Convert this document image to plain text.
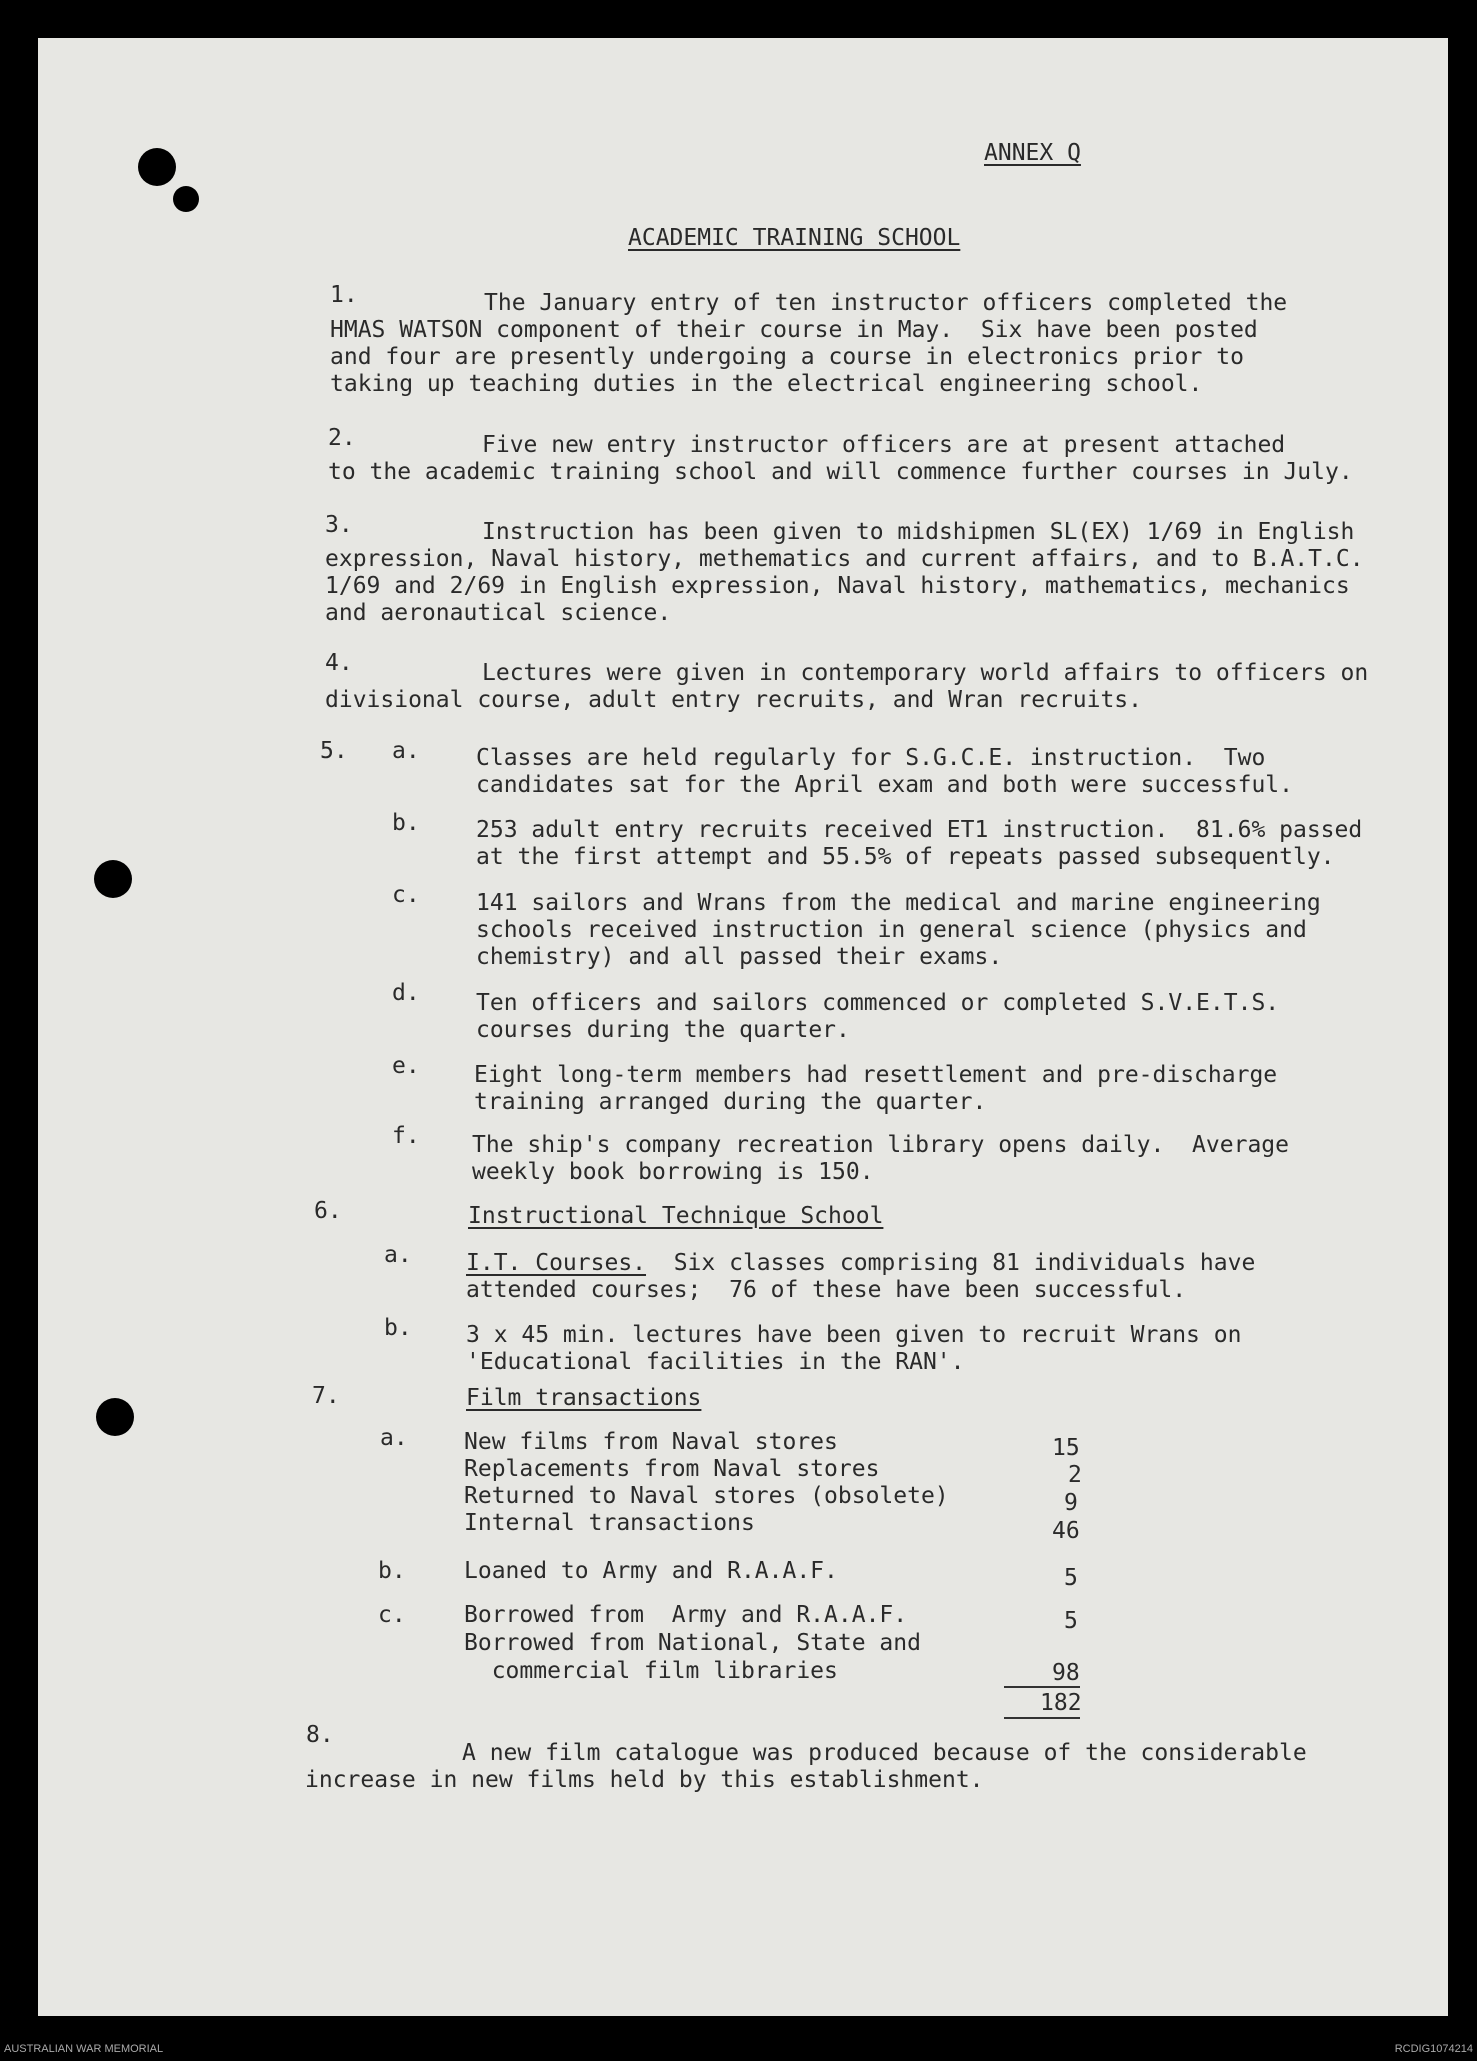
ANNEX Q
ACADEMIC TRAINING SCHOOL
1.	The January entry of ten instructor officers completed the
HMAS WATSON component of their course in May.  Six have been posted
and four are presently undergoing a course in electronics prior to
taking up teaching duties in the electrical engineering school.
2.	Five new entry instructor officers are at present attached
to the academic training school and will commence further courses in July.
3.	Instruction has been given to midshipmen SL(EX) 1/69 in English
expression, Naval history, methematics and current affairs, and to B.A.T.C.
1/69 and 2/69 in English expression, Naval history, mathematics, mechanics
and aeronautical science.
4.	Lectures were given in contemporary world affairs to officers on
divisional course, adult entry recruits, and Wran recruits.
5. a. Classes are held regularly for S.G.C.E. instruction.  Two
candidates sat for the April exam and both were successful.
b. 253 adult entry recruits received ET1 instruction.  81.6% passed
at the first attempt and 55.5% of repeats passed subsequently.
c. 141 sailors and Wrans from the medical and marine engineering
schools received instruction in general science (physics and
chemistry) and all passed their exams.
d. Ten officers and sailors commenced or completed S.V.E.T.S.
courses during the quarter.
e. Eight long-term members had resettlement and pre-discharge
training arranged during the quarter.
f. The ship's company recreation library opens daily.  Average
weekly book borrowing is 150.
6.	Instructional Technique School
a. I.T. Courses.  Six classes comprising 81 individuals have
attended courses;  76 of these have been successful.
b. 3 x 45 min. lectures have been given to recruit Wrans on
'Educational facilities in the RAN'.
7.	Film transactions
a. New films from Naval stores	15
Replacements from Naval stores	2
Returned to Naval stores (obsolete)	9
Internal transactions	46
b.	Loaned to Army and R.A.A.F.	5
c.	Borrowed from  Army and R.A.A.F.	5
Borrowed from National, State and
commercial film libraries	98
182
8.
A new film catalogue was produced because of the considerable
increase in new films held by this establishment.
AUSTRALIAN WAR MEMORIAL	RCDIG1074214
